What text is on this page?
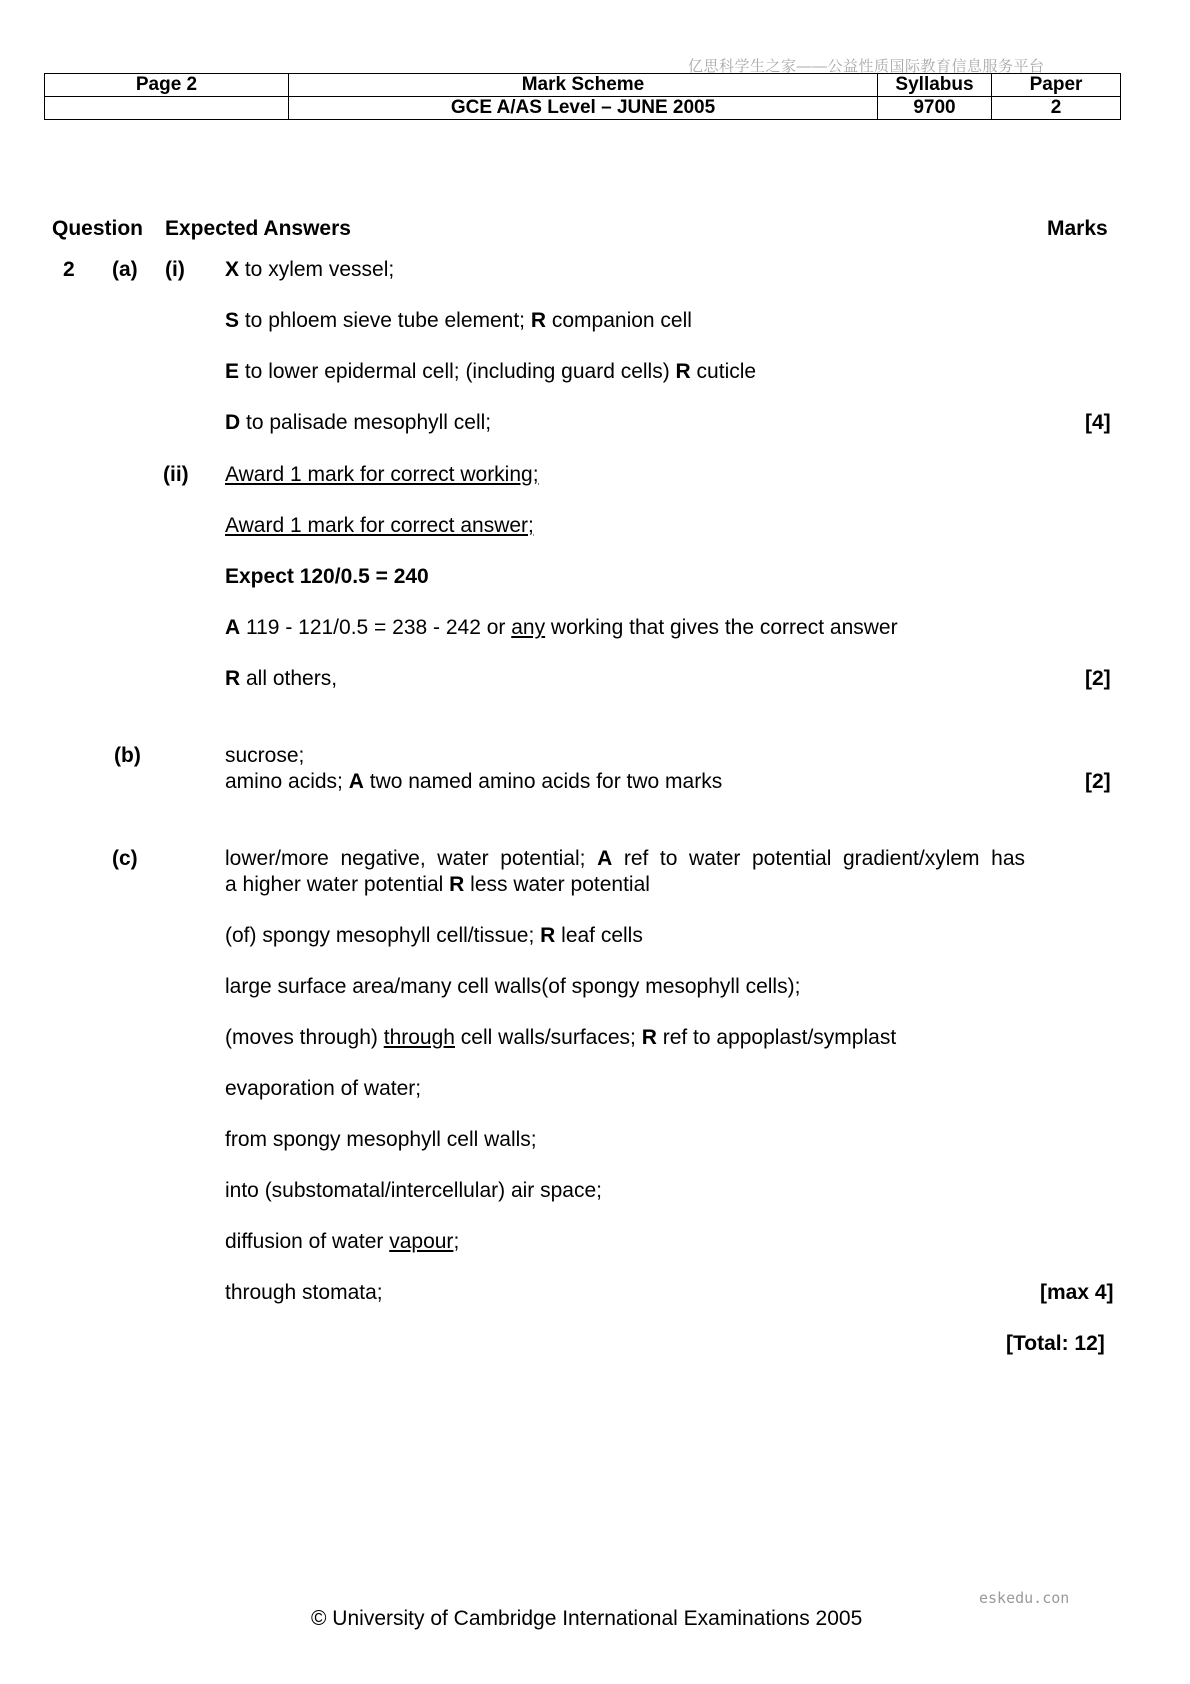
亿思科学生之家——公益性质国际教育信息服务平台
Page 2	Mark Scheme	Syllabus	Paper
	GCE A/AS Level – JUNE 2005	9700	2
Question Expected Answers	Marks
2 (a) (i) X to xylem vessel;
S to phloem sieve tube element; R companion cell
E to lower epidermal cell; (including guard cells) R cuticle
D to palisade mesophyll cell;	[4]
(ii) Award 1 mark for correct working;
Award 1 mark for correct answer;
Expect 120/0.5 = 240
A 119 - 121/0.5 = 238 - 242 or any working that gives the correct answer
R all others,	[2]
(b)	sucrose;
amino acids; A two named amino acids for two marks	[2]
(c)	lower/more negative, water potential; A ref to water potential gradient/xylem has
a higher water potential R less water potential
(of) spongy mesophyll cell/tissue; R leaf cells
large surface area/many cell walls(of spongy mesophyll cells);
(moves through) through cell walls/surfaces; R ref to appoplast/symplast
evaporation of water;
from spongy mesophyll cell walls;
into (substomatal/intercellular) air space;
diffusion of water vapour;
through stomata;	[max 4]
[Total: 12]
eskedu.con
© University of Cambridge International Examinations 2005
